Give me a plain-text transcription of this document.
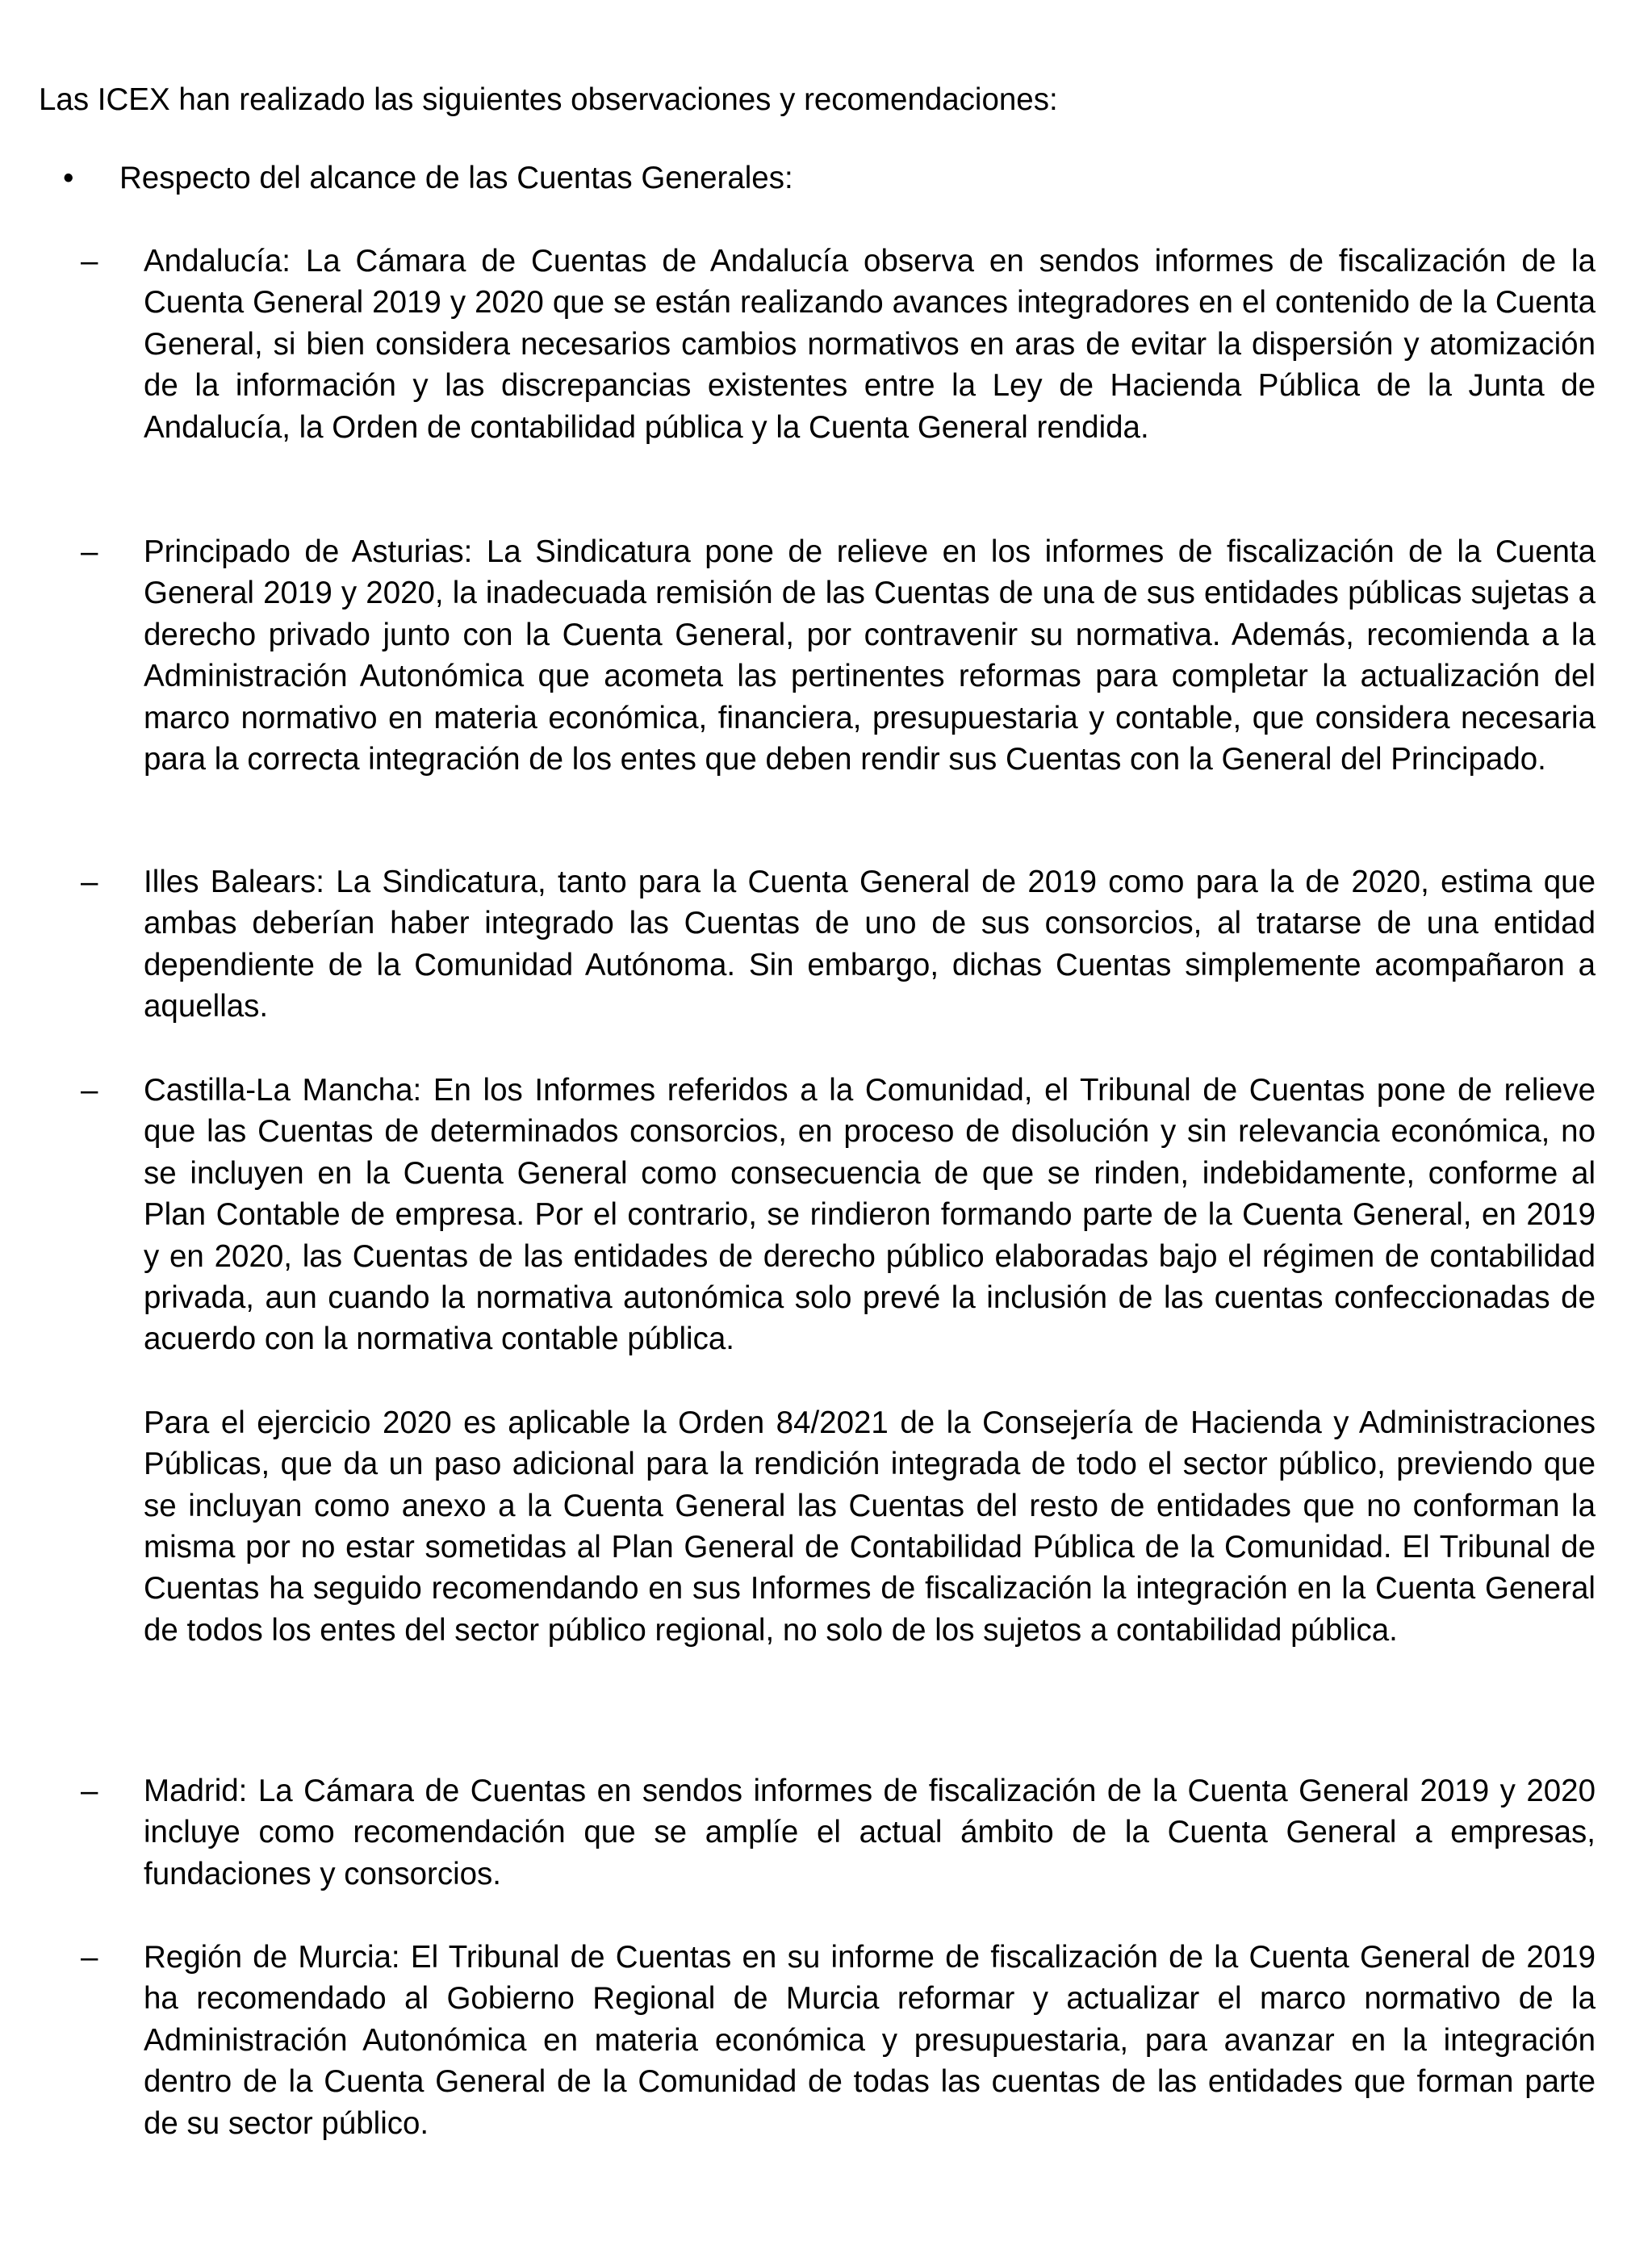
Las ICEX han realizado las siguientes observaciones y recomendaciones:

• Respecto del alcance de las Cuentas Generales:
– Andalucía: La Cámara de Cuentas de Andalucía observa en sendos informes de fiscalización de la Cuenta General 2019 y 2020 que se están realizando avances integradores en el contenido de la Cuenta General, si bien considera necesarios cambios normativos en aras de evitar la dispersión y atomización de la información y las discrepancias existentes entre la Ley de Hacienda Pública de la Junta de Andalucía, la Orden de contabilidad pública y la Cuenta General rendida.

– Principado de Asturias: La Sindicatura pone de relieve en los informes de fiscalización de la Cuenta General 2019 y 2020, la inadecuada remisión de las Cuentas de una de sus entidades públicas sujetas a derecho privado junto con la Cuenta General, por contravenir su normativa. Además, recomienda a la Administración Autonómica que acometa las pertinentes reformas para completar la actualización del marco normativo en materia económica, financiera, presupuestaria y contable, que considera necesaria para la correcta integración de los entes que deben rendir sus Cuentas con la General del Principado.

– Illes Balears: La Sindicatura, tanto para la Cuenta General de 2019 como para la de 2020, estima que ambas deberían haber integrado las Cuentas de uno de sus consorcios, al tratarse de una entidad dependiente de la Comunidad Autónoma. Sin embargo, dichas Cuentas simplemente acompañaron a aquellas.

– Castilla-La Mancha: En los Informes referidos a la Comunidad, el Tribunal de Cuentas pone de relieve que las Cuentas de determinados consorcios, en proceso de disolución y sin relevancia económica, no se incluyen en la Cuenta General como consecuencia de que se rinden, indebidamente, conforme al Plan Contable de empresa. Por el contrario, se rindieron formando parte de la Cuenta General, en 2019 y en 2020, las Cuentas de las entidades de derecho público elaboradas bajo el régimen de contabilidad privada, aun cuando la normativa autonómica solo prevé la inclusión de las cuentas confeccionadas de acuerdo con la normativa contable pública.

Para el ejercicio 2020 es aplicable la Orden 84/2021 de la Consejería de Hacienda y Administraciones Públicas, que da un paso adicional para la rendición integrada de todo el sector público, previendo que se incluyan como anexo a la Cuenta General las Cuentas del resto de entidades que no conforman la misma por no estar sometidas al Plan General de Contabilidad Pública de la Comunidad. El Tribunal de Cuentas ha seguido recomendando en sus Informes de fiscalización la integración en la Cuenta General de todos los entes del sector público regional, no solo de los sujetos a contabilidad pública.

– Madrid: La Cámara de Cuentas en sendos informes de fiscalización de la Cuenta General 2019 y 2020 incluye como recomendación que se amplíe el actual ámbito de la Cuenta General a empresas, fundaciones y consorcios.

– Región de Murcia: El Tribunal de Cuentas en su informe de fiscalización de la Cuenta General de 2019 ha recomendado al Gobierno Regional de Murcia reformar y actualizar el marco normativo de la Administración Autonómica en materia económica y presupuestaria, para avanzar en la integración dentro de la Cuenta General de la Comunidad de todas las cuentas de las entidades que forman parte de su sector público.
